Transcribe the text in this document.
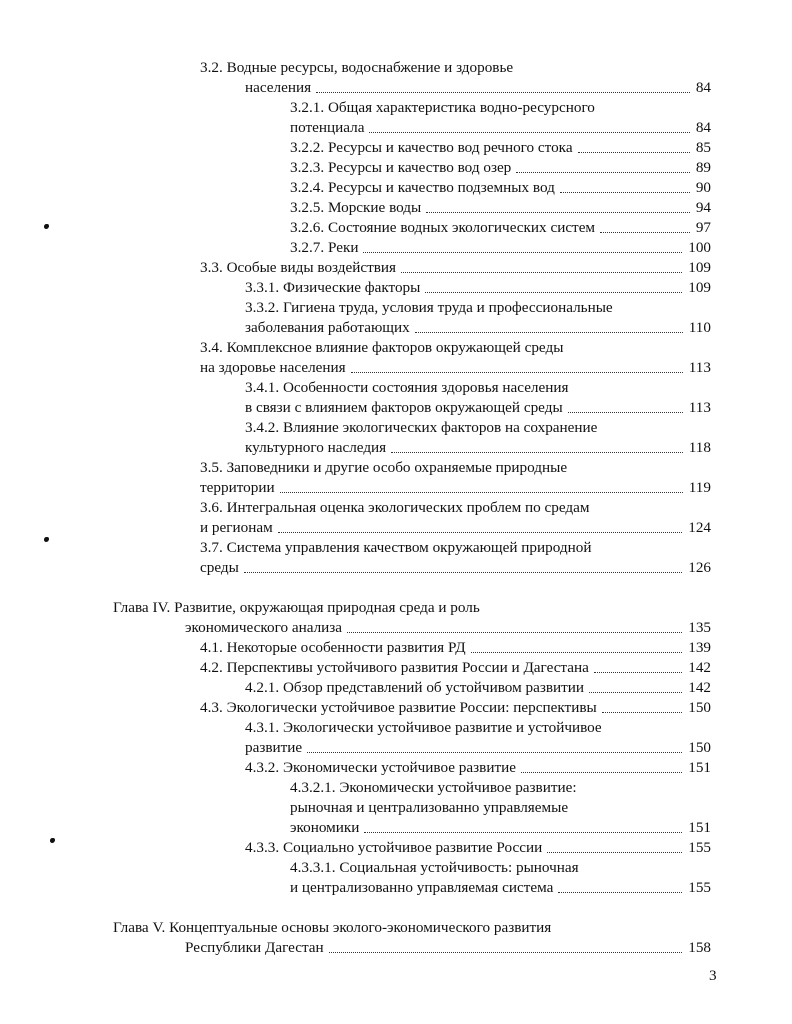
3.2. Водные ресурсы, водоснабжение и здоровье
населения	84
3.2.1. Общая характеристика водно-ресурсного
потенциала	84
3.2.2. Ресурсы и качество вод речного стока	85
3.2.3. Ресурсы и качество вод озер	89
3.2.4. Ресурсы и качество подземных вод	90
3.2.5. Морские воды	94
3.2.6. Состояние водных экологических систем	97
3.2.7. Реки	100
3.3. Особые виды воздействия	109
3.3.1. Физические факторы	109
3.3.2. Гигиена труда, условия труда и профессиональные
заболевания работающих	110
3.4. Комплексное влияние факторов окружающей среды
на здоровье населения	113
3.4.1. Особенности состояния здоровья населения
в связи с влиянием факторов окружающей среды	113
3.4.2. Влияние экологических факторов на сохранение
культурного наследия	118
3.5. Заповедники и другие особо охраняемые природные
территории	119
3.6. Интегральная оценка экологических проблем по средам
и регионам	124
3.7. Система управления качеством окружающей природной
среды	126
Глава IV. Развитие, окружающая природная среда и роль
экономического анализа	135
4.1. Некоторые особенности развития РД	139
4.2. Перспективы устойчивого развития России и Дагестана	142
4.2.1. Обзор представлений об устойчивом развитии	142
4.3. Экологически устойчивое развитие России: перспективы	150
4.3.1. Экологически устойчивое развитие и устойчивое
развитие	150
4.3.2. Экономически устойчивое развитие	151
4.3.2.1. Экономически устойчивое развитие:
рыночная и централизованно управляемые
экономики	151
4.3.3. Социально устойчивое развитие России	155
4.3.3.1. Социальная устойчивость: рыночная
и централизованно управляемая система	155
Глава V. Концептуальные основы эколого-экономического развития
Республики Дагестан	158
3
